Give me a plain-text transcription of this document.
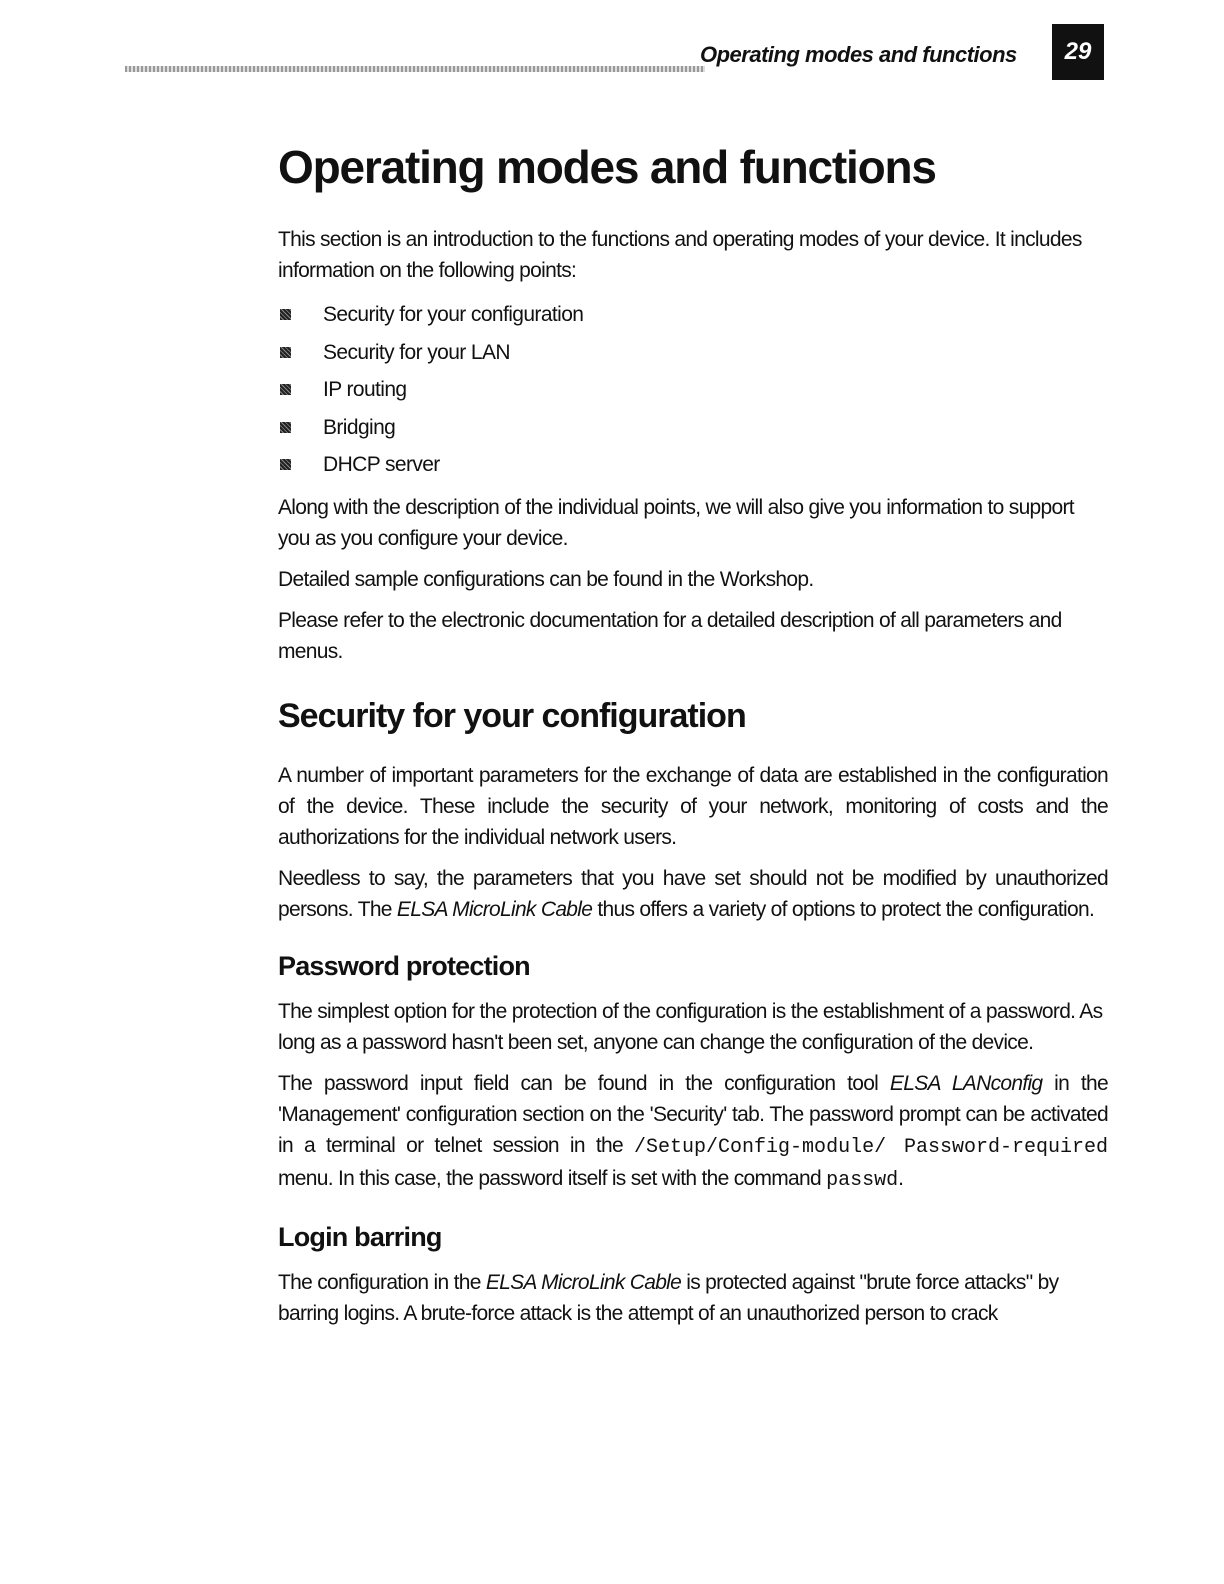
Operating modes and functions	29
Operating modes and functions

This section is an introduction to the functions and operating modes of your device. It includes information on the following points:

Security for your configuration
Security for your LAN
IP routing
Bridging
DHCP server

Along with the description of the individual points, we will also give you information to support you as you configure your device.

Detailed sample configurations can be found in the Workshop.

Please refer to the electronic documentation for a detailed description of all parameters and menus.

Security for your configuration

A number of important parameters for the exchange of data are established in the configuration of the device. These include the security of your network, monitoring of costs and the authorizations for the individual network users.

Needless to say, the parameters that you have set should not be modified by unauthorized persons. The ELSA MicroLink Cable thus offers a variety of options to protect the configuration.

Password protection

The simplest option for the protection of the configuration is the establishment of a password. As long as a password hasn't been set, anyone can change the configuration of the device.

The password input field can be found in the configuration tool ELSA LANconfig in the 'Management' configuration section on the 'Security' tab. The password prompt can be activated in a terminal or telnet session in the /Setup/Config-module/ Password-required menu. In this case, the password itself is set with the command passwd.

Login barring

The configuration in the ELSA MicroLink Cable is protected against "brute force attacks" by barring logins. A brute-force attack is the attempt of an unauthorized person to crack
